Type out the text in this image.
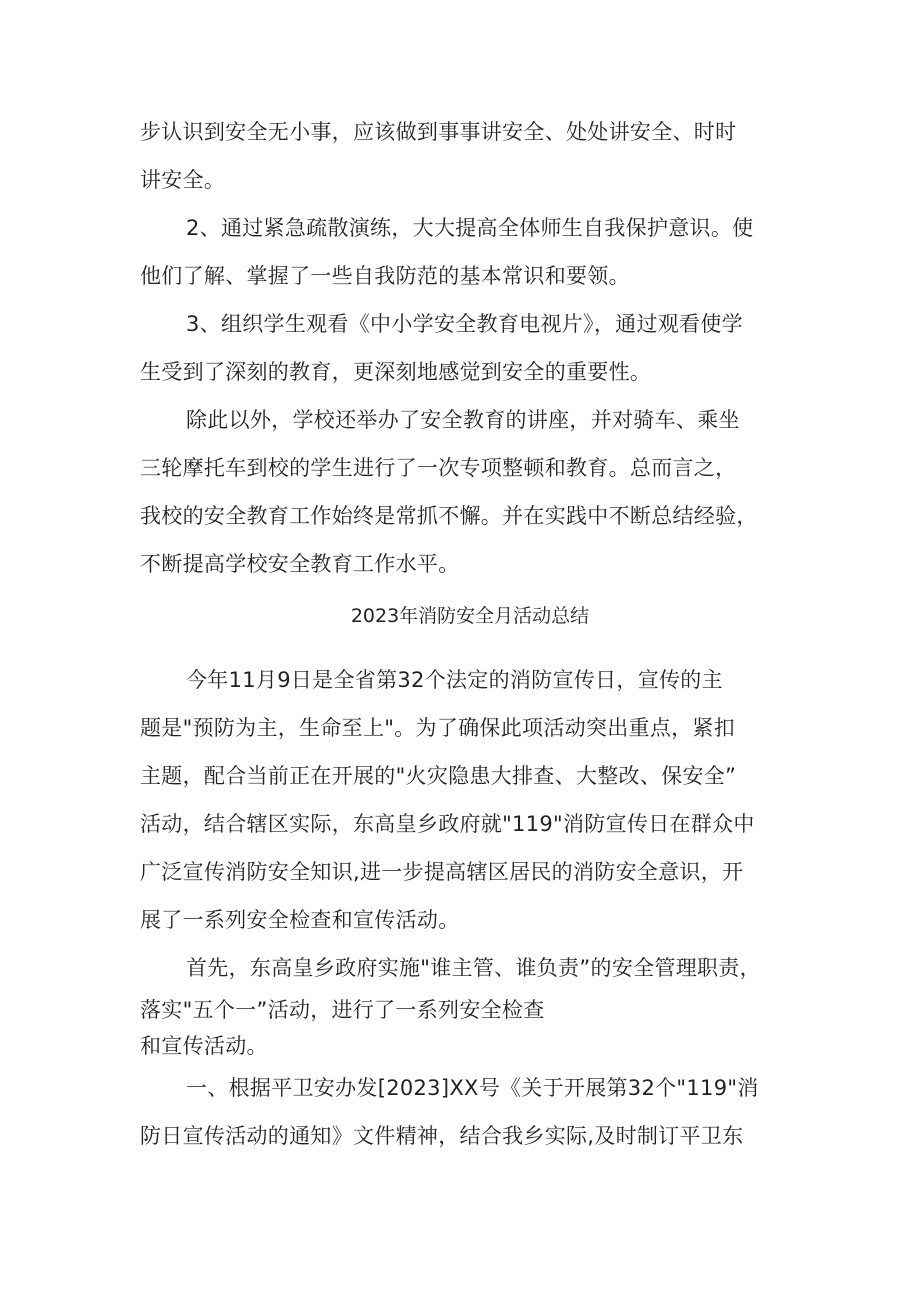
步认识到安全无小事，应该做到事事讲安全、处处讲安全、时时
讲安全。
2、通过紧急疏散演练，大大提高全体师生自我保护意识。使
他们了解、掌握了一些自我防范的基本常识和要领。
3、组织学生观看《中小学安全教育电视片》，通过观看使学
生受到了深刻的教育，更深刻地感觉到安全的重要性。
除此以外，学校还举办了安全教育的讲座，并对骑车、乘坐
三轮摩托车到校的学生进行了一次专项整顿和教育。总而言之，
我校的安全教育工作始终是常抓不懈。并在实践中不断总结经验，
不断提高学校安全教育工作水平。
2023年消防安全月活动总结
今年11月9日是全省第32个法定的消防宣传日，宣传的主
题是"预防为主，生命至上"。为了确保此项活动突出重点，紧扣
主题，配合当前正在开展的"火灾隐患大排查、大整改、保安全”
活动，结合辖区实际，东高皇乡政府就"119"消防宣传日在群众中
广泛宣传消防安全知识,进一步提高辖区居民的消防安全意识，开
展了一系列安全检查和宣传活动。
首先，东高皇乡政府实施"谁主管、谁负责”的安全管理职责，
落实"五个一”活动，进行了一系列安全检查
和宣传活动。
一、根据平卫安办发[2023]XX号《关于开展第32个"119"消
防日宣传活动的通知》文件精神，结合我乡实际,及时制订平卫东
